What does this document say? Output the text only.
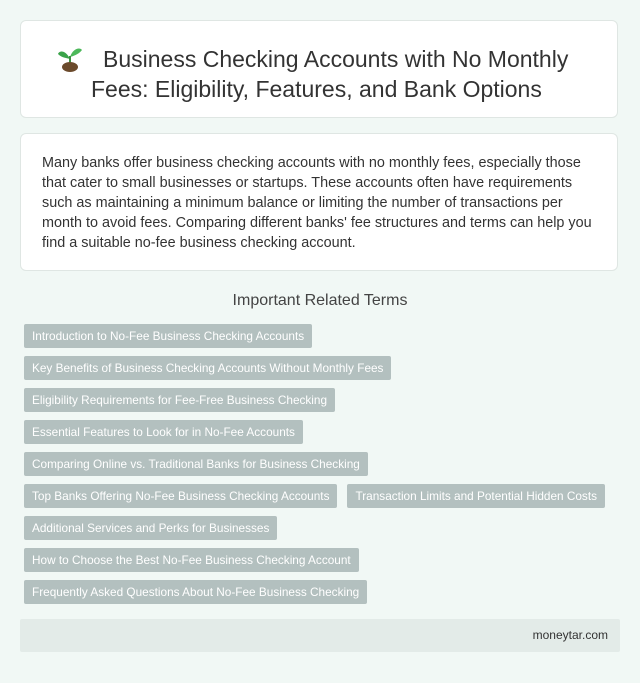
Business Checking Accounts with No Monthly Fees: Eligibility, Features, and Bank Options

Many banks offer business checking accounts with no monthly fees, especially those that cater to small businesses or startups. These accounts often have requirements such as maintaining a minimum balance or limiting the number of transactions per month to avoid fees. Comparing different banks' fee structures and terms can help you find a suitable no-fee business checking account.

Important Related Terms
Introduction to No-Fee Business Checking Accounts
Key Benefits of Business Checking Accounts Without Monthly Fees
Eligibility Requirements for Fee-Free Business Checking
Essential Features to Look for in No-Fee Accounts
Comparing Online vs. Traditional Banks for Business Checking
Top Banks Offering No-Fee Business Checking Accounts	Transaction Limits and Potential Hidden Costs
Additional Services and Perks for Businesses
How to Choose the Best No-Fee Business Checking Account
Frequently Asked Questions About No-Fee Business Checking
moneytar.com
